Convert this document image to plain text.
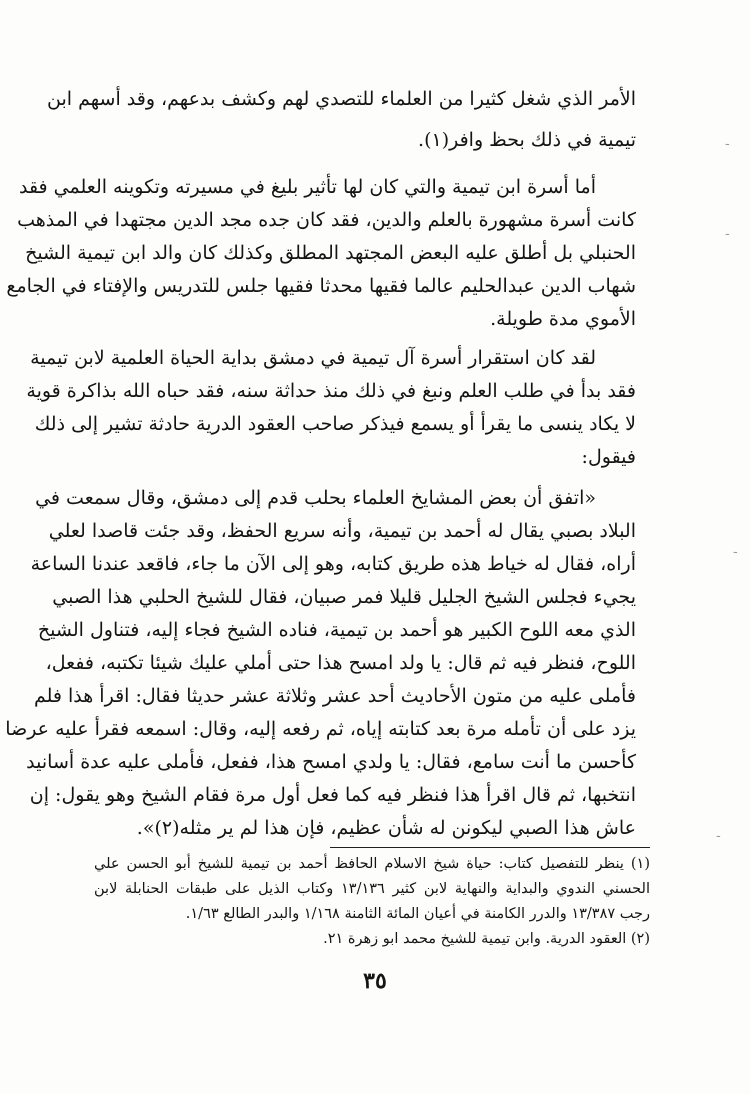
الأمر الذي شغل كثيرا من العلماء للتصدي لهم وكشف بدعهم، وقد أسهم ابن
تيمية في ذلك بحظ وافر(١).
أما أسرة ابن تيمية والتي كان لها تأثير بليغ في مسيرته وتكوينه العلمي فقد
كانت أسرة مشهورة بالعلم والدين، فقد كان جده مجد الدين مجتهدا في المذهب
الحنبلي بل أطلق عليه البعض المجتهد المطلق وكذلك كان والد ابن تيمية الشيخ
شهاب الدين عبدالحليم عالما فقيها محدثا فقيها جلس للتدريس والإفتاء في الجامع
الأموي مدة طويلة.
لقد كان استقرار أسرة آل تيمية في دمشق بداية الحياة العلمية لابن تيمية
فقد بدأ في طلب العلم ونبغ في ذلك منذ حداثة سنه، فقد حباه الله بذاكرة قوية
لا يكاد ينسى ما يقرأ أو يسمع فيذكر صاحب العقود الدرية حادثة تشير إلى ذلك
فيقول:
«اتفق أن بعض المشايخ العلماء بحلب قدم إلى دمشق، وقال سمعت في
البلاد بصبي يقال له أحمد بن تيمية، وأنه سريع الحفظ، وقد جئت قاصدا لعلي
أراه، فقال له خياط هذه طريق كتابه، وهو إلى الآن ما جاء، فاقعد عندنا الساعة
يجيء فجلس الشيخ الجليل قليلا فمر صبيان، فقال للشيخ الحلبي هذا الصبي
الذي معه اللوح الكبير هو أحمد بن تيمية، فناده الشيخ فجاء إليه، فتناول الشيخ
اللوح، فنظر فيه ثم قال: يا ولد امسح هذا حتى أملي عليك شيئا تكتبه، ففعل،
فأملى عليه من متون الأحاديث أحد عشر وثلاثة عشر حديثا فقال: اقرأ هذا فلم
يزد على أن تأمله مرة بعد كتابته إياه، ثم رفعه إليه، وقال: اسمعه فقرأ عليه عرضا
كأحسن ما أنت سامع، فقال: يا ولدي امسح هذا، ففعل، فأملى عليه عدة أسانيد
انتخبها، ثم قال اقرأ هذا فنظر فيه كما فعل أول مرة فقام الشيخ وهو يقول: إن
عاش هذا الصبي ليكونن له شأن عظيم، فإن هذا لم ير مثله(٢)».
(١) ينظر للتفصيل كتاب: حياة شيخ الاسلام الحافظ أحمد بن تيمية للشيخ أبو الحسن علي
الحسني الندوي والبداية والنهاية لابن كثير ١٣/١٣٦ وكتاب الذيل على طبقات الحنابلة لابن
رجب ١٣/٣٨٧ والدرر الكامنة في أعيان المائة الثامنة ١/١٦٨ والبدر الطالع ١/٦٣.
(٢) العقود الدرية. وابن تيمية للشيخ محمد ابو زهرة ٢١.
٣٥
-
-
-
-
